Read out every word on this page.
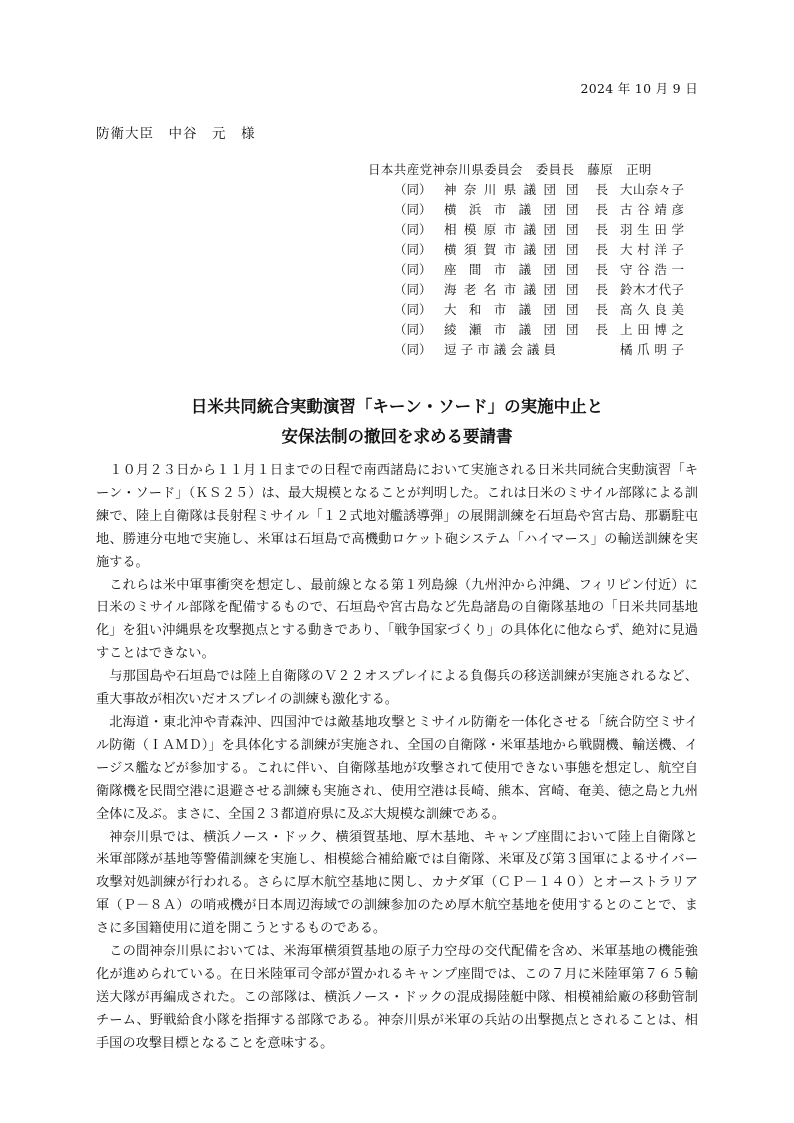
2024 年 10 月 9 日
防衛大臣　中谷　元　様
日本共産党神奈川県委員会　委員長　藤原　正明
（同） 神奈川県議団 団長 大山奈々子
（同） 横浜市議団 団長 古谷靖彦
（同） 相模原市議団 団長 羽生田学
（同） 横須賀市議団 団長 大村洋子
（同） 座間市議団 団長 守谷浩一
（同） 海老名市議団 団長 鈴木才代子
（同） 大和市議団 団長 高久良美
（同） 綾瀬市議団 団長 上田博之
（同） 逗子市議会議員	橘爪明子
日米共同統合実動演習「キーン・ソード」の実施中止と
安保法制の撤回を求める要請書

１０月２３日から１１月１日までの日程で南西諸島において実施される日米共同統合実動演習「キーン・ソード」（ＫＳ２５）は、最大規模となることが判明した。これは日米のミサイル部隊による訓練で、陸上自衛隊は長射程ミサイル「１２式地対艦誘導弾」の展開訓練を石垣島や宮古島、那覇駐屯地、勝連分屯地で実施し、米軍は石垣島で高機動ロケット砲システム「ハイマース」の輸送訓練を実施する。

これらは米中軍事衝突を想定し、最前線となる第１列島線（九州沖から沖縄、フィリピン付近）に日米のミサイル部隊を配備するもので、石垣島や宮古島など先島諸島の自衛隊基地の「日米共同基地化」を狙い沖縄県を攻撃拠点とする動きであり、「戦争国家づくり」の具体化に他ならず、絶対に見過すことはできない。

与那国島や石垣島では陸上自衛隊のＶ２２オスプレイによる負傷兵の移送訓練が実施されるなど、重大事故が相次いだオスプレイの訓練も激化する。

北海道・東北沖や青森沖、四国沖では敵基地攻撃とミサイル防衛を一体化させる「統合防空ミサイル防衛（ＩＡＭＤ）」を具体化する訓練が実施され、全国の自衛隊・米軍基地から戦闘機、輸送機、イージス艦などが参加する。これに伴い、自衛隊基地が攻撃されて使用できない事態を想定し、航空自衛隊機を民間空港に退避させる訓練も実施され、使用空港は長崎、熊本、宮崎、奄美、徳之島と九州全体に及ぶ。まさに、全国２３都道府県に及ぶ大規模な訓練である。

神奈川県では、横浜ノース・ドック、横須賀基地、厚木基地、キャンプ座間において陸上自衛隊と米軍部隊が基地等警備訓練を実施し、相模総合補給廠では自衛隊、米軍及び第３国軍によるサイバー攻撃対処訓練が行われる。さらに厚木航空基地に関し、カナダ軍（ＣＰ－１４０）とオーストラリア軍（Ｐ－８Ａ）の哨戒機が日本周辺海域での訓練参加のため厚木航空基地を使用するとのことで、まさに多国籍使用に道を開こうとするものである。

この間神奈川県においては、米海軍横須賀基地の原子力空母の交代配備を含め、米軍基地の機能強化が進められている。在日米陸軍司令部が置かれるキャンプ座間では、この７月に米陸軍第７６５輸送大隊が再編成された。この部隊は、横浜ノース・ドックの混成揚陸艇中隊、相模補給廠の移動管制チーム、野戦給食小隊を指揮する部隊である。神奈川県が米軍の兵站の出撃拠点とされることは、相手国の攻撃目標となることを意味する。
